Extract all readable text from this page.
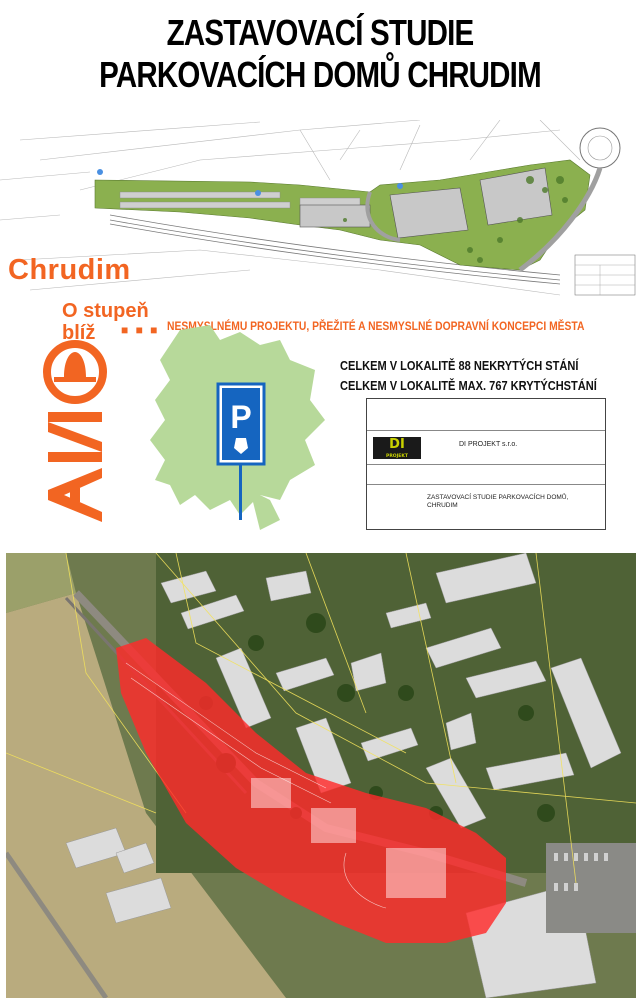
ZASTAVOVACÍ STUDIE
PARKOVACÍCH DOMŮ CHRUDIM
Chrudim
O stupeň
blíž	■ ■ ■ NESMYSLNÉMU PROJEKTU, PŘEŽITÉ A NESMYSLNÉ DOPRAVNÍ KONCEPCI MĚSTA
P
CELKEM V LOKALITĚ 88 NEKRYTÝCH STÁNÍ
CELKEM V LOKALITĚ MAX. 767 KRYTÝCHSTÁNÍ
DI
PROJEKT
DI PROJEKT s.r.o.
ZASTAVOVACÍ STUDIE PARKOVACÍCH DOMŮ,
CHRUDIM
